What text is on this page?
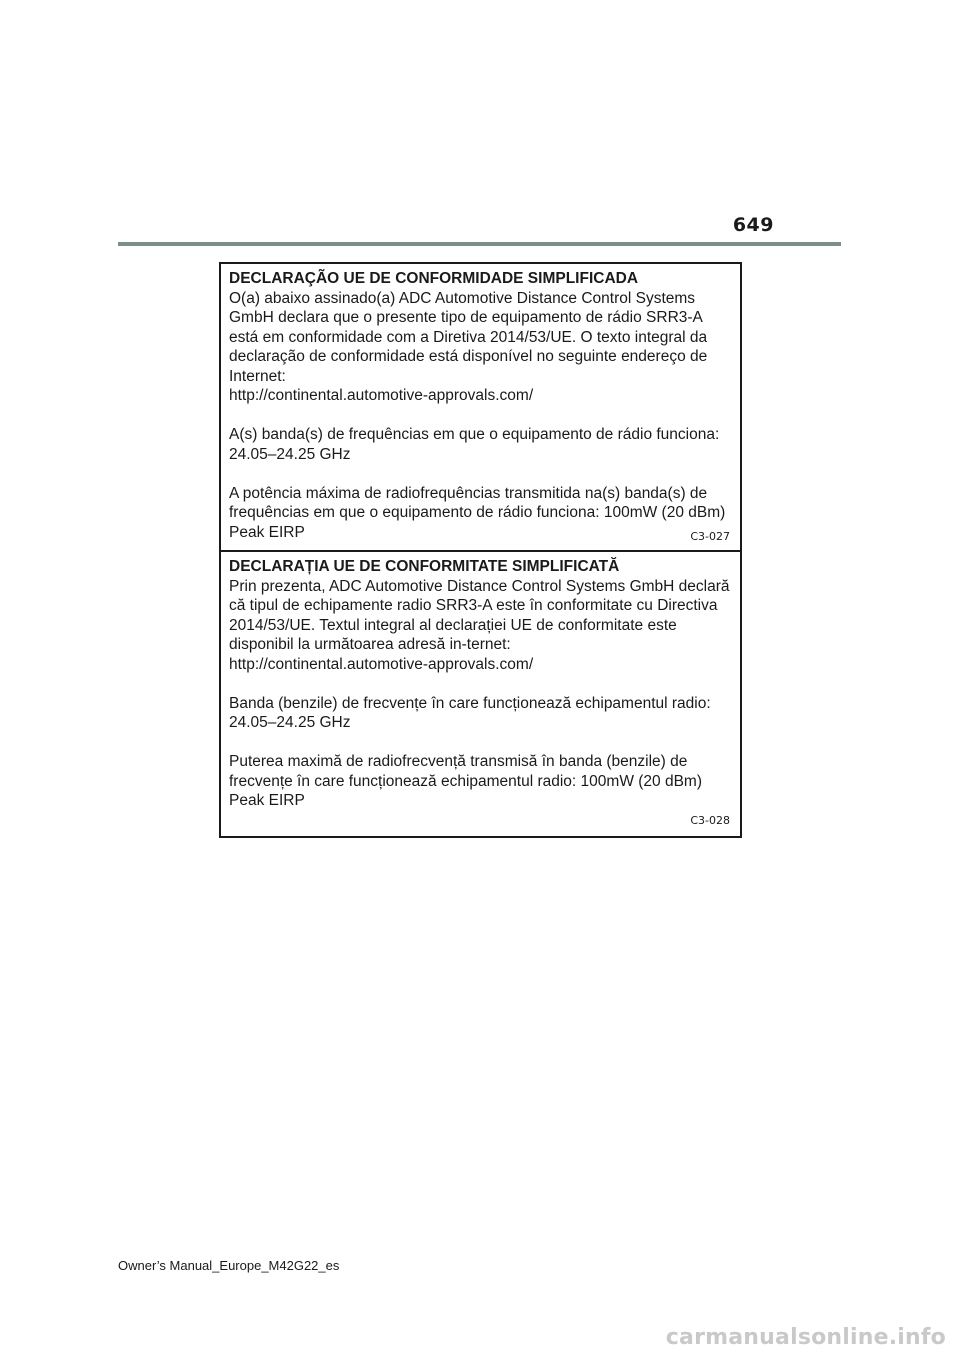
649

DECLARAÇÃO UE DE CONFORMIDADE SIMPLIFICADA

O(a) abaixo assinado(a) ADC Automotive Distance Control Systems GmbH declara que o presente tipo de equipamento de rádio SRR3-A está em conformidade com a Diretiva 2014/53/UE. O texto integral da declaração de conformidade está disponível no seguinte endereço de Internet:

http://continental.automotive-approvals.com/

A(s) banda(s) de frequências em que o equipamento de rádio funciona:

24.05–24.25 GHz

A potência máxima de radiofrequências transmitida na(s) banda(s) de frequências em que o equipamento de rádio funciona: 100mW (20 dBm) Peak EIRP	C3-027

DECLARAȚIA UE DE CONFORMITATE SIMPLIFICATĂ

Prin prezenta, ADC Automotive Distance Control Systems GmbH declară că tipul de echipamente radio SRR3-A este în conformitate cu Directiva 2014/53/UE. Textul integral al declarației UE de conformitate este disponibil la următoarea adresă in-ternet:

http://continental.automotive-approvals.com/

Banda (benzile) de frecvențe în care funcționează echipamentul radio:

24.05–24.25 GHz

Puterea maximă de radiofrecvență transmisă în banda (benzile) de frecvențe în care funcționează echipamentul radio: 100mW (20 dBm) Peak EIRP

C3-028
Owner’s Manual_Europe_M42G22_es
carmanualsonline.info
